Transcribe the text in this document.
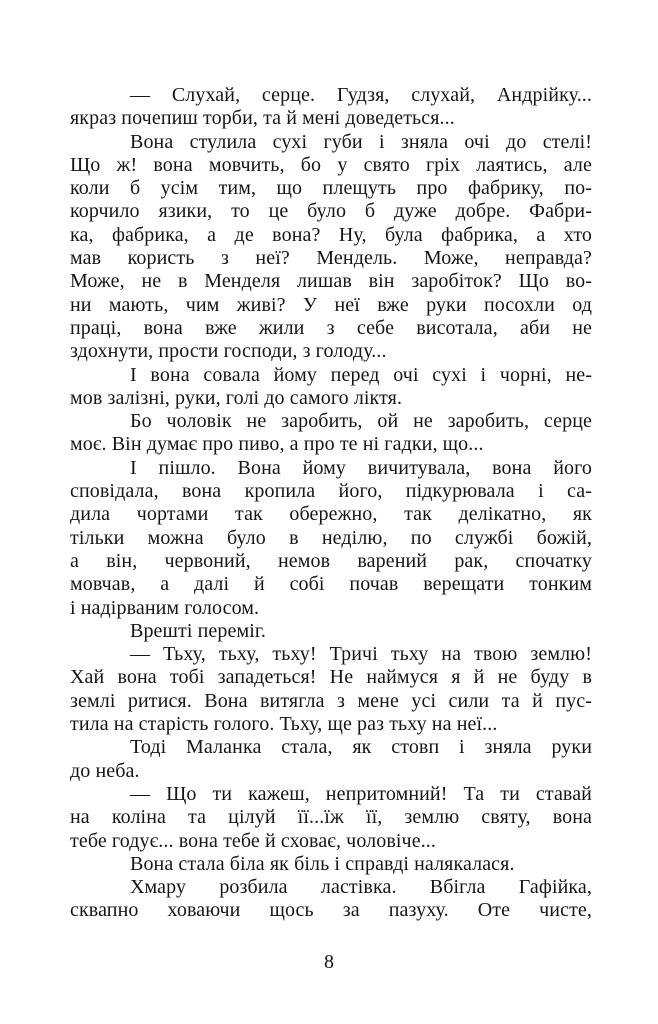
— Слухай, серце. Гудзя, слухай, Андрійку...
якраз почепиш торби, та й мені доведеться...

Вона стулила сухі губи і зняла очі до стелі!
Що ж! вона мовчить, бо у свято гріх лаятись, але
коли б усім тим, що плещуть про фабрику, по-
корчило язики, то це було б дуже добре. Фабри-
ка, фабрика, а де вона? Ну, була фабрика, а хто
мав користь з неї? Мендель. Може, неправда?
Може, не в Менделя лишав він заробіток? Що во-
ни мають, чим живі? У неї вже руки посохли од
праці, вона вже жили з себе висотала, аби не
здохнути, прости господи, з голоду...

І вона совала йому перед очі сухі і чорні, не-
мов залізні, руки, голі до самого ліктя.

Бо чоловік не заробить, ой не заробить, серце
моє. Він думає про пиво, а про те ні гадки, що...

І пішло. Вона йому вичитувала, вона його
сповідала, вона кропила його, підкурювала і са-
дила чортами так обережно, так делікатно, як
тільки можна було в неділю, по службі божій,
а він, червоний, немов варений рак, спочатку
мовчав, а далі й собі почав верещати тонким
і надірваним голосом.

Врешті переміг.

— Тьху, тьху, тьху! Тричі тьху на твою землю!
Хай вона тобі западеться! Не наймуся я й не буду в
землі ритися. Вона витягла з мене усі сили та й пус-
тила на старість голого. Тьху, ще раз тьху на неї...

Тоді Маланка стала, як стовп і зняла руки
до неба.

— Що ти кажеш, непритомний! Та ти ставай
на коліна та цілуй її...їж її, землю святу, вона
тебе годує... вона тебе й сховає, чоловіче...

Вона стала біла як біль і справді налякалася.

Хмару розбила ластівка. Вбігла Гафійка,
сквапно ховаючи щось за пазуху. Оте чисте,

8
